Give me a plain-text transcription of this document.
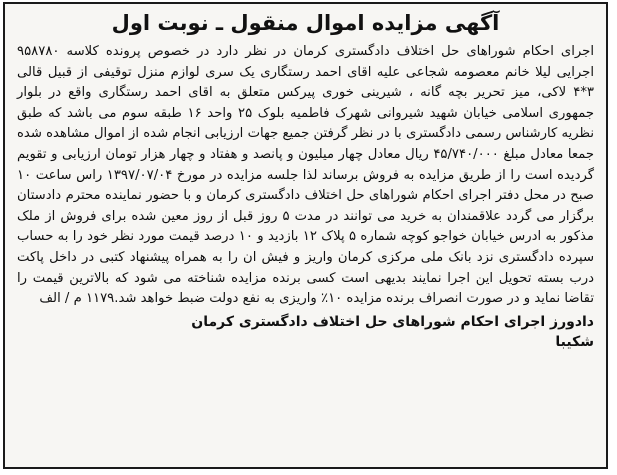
آگهی مزایده اموال منقول ـ نوبت اول

اجرای احکام شوراهای حل اختلاف دادگستری کرمان در نظر دارد در خصوص پرونده کلاسه ۹۵۸۷۸۰ اجرایی لیلا خانم معصومه شجاعی علیه اقای احمد رستگاری یک سری لوازم منزل توقیفی از قبیل قالی ۳*۴ لاکی، میز تحریر بچه گانه ، شیرینی خوری پیرکس متعلق به اقای احمد رستگاری واقع در بلوار جمهوری اسلامی خیابان شهید شیروانی شهرک فاطمیه بلوک ۲۵ واحد ۱۶ طبقه سوم می باشد که طبق نظریه کارشناس رسمی دادگستری با در نظر گرفتن جمیع جهات ارزیابی انجام شده از اموال مشاهده شده جمعا معادل مبلغ ۴۵/۷۴۰/۰۰۰ ریال معادل چهار میلیون و پانصد و هفتاد و چهار هزار تومان ارزیابی و تقویم گردیده است را از طریق مزایده به فروش برساند لذا جلسه مزایده در مورخ ۱۳۹۷/۰۷/۰۴ راس ساعت ۱۰ صبح در محل دفتر اجرای احکام شوراهای حل اختلاف دادگستری کرمان و با حضور نماینده محترم دادستان برگزار می گردد علاقمندان به خرید می توانند در مدت ۵ روز قبل از روز معین شده برای فروش از ملک مذکور به ادرس خیابان خواجو کوچه شماره ۵ پلاک ۱۲ بازدید و ۱۰ درصد قیمت مورد نظر خود را به حساب سپرده دادگستری نزد بانک ملی مرکزی کرمان واریز و فیش ان را به همراه پیشنهاد کتبی در داخل پاکت درب بسته تحویل این اجرا نمایند بدیهی است کسی برنده مزایده شناخته می شود که بالاترین قیمت را تقاضا نماید و در صورت انصراف برنده مزایده ۱۰٪ واریزی به نفع دولت ضبط خواهد شد.۱۱۷۹ م / الف

دادورز اجرای احکام شوراهای حل اختلاف دادگستری کرمان
شکیبا
